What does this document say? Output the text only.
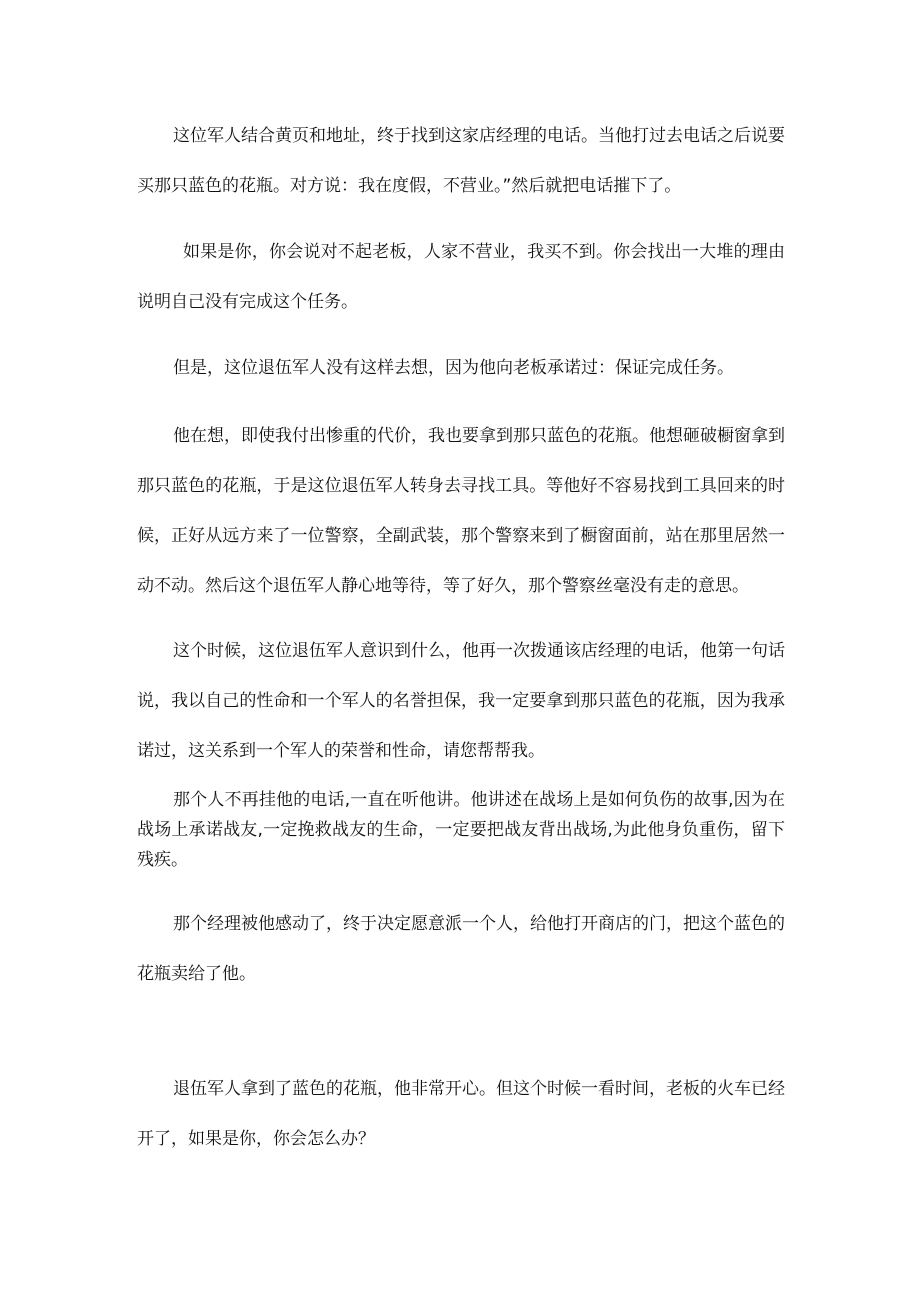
这位军人结合黄页和地址，终于找到这家店经理的电话。当他打过去电话之后说要买那只蓝色的花瓶。对方说：我在度假，不营业。”然后就把电话摧下了。

如果是你，你会说对不起老板，人家不营业，我买不到。你会找出一大堆的理由说明自己没有完成这个任务。

但是，这位退伍军人没有这样去想，因为他向老板承诺过：保证完成任务。

他在想，即使我付出惨重的代价，我也要拿到那只蓝色的花瓶。他想砸破橱窗拿到那只蓝色的花瓶，于是这位退伍军人转身去寻找工具。等他好不容易找到工具回来的时候，正好从远方来了一位警察，全副武装，那个警察来到了橱窗面前，站在那里居然一动不动。然后这个退伍军人静心地等待，等了好久，那个警察丝毫没有走的意思。

这个时候，这位退伍军人意识到什么，他再一次拨通该店经理的电话，他第一句话说，我以自己的性命和一个军人的名誉担保，我一定要拿到那只蓝色的花瓶，因为我承诺过，这关系到一个军人的荣誉和性命，请您帮帮我。

那个人不再挂他的电话,一直在听他讲。他讲述在战场上是如何负伤的故事,因为在战场上承诺战友,一定挽救战友的生命，一定要把战友背出战场,为此他身负重伤，留下残疾。

那个经理被他感动了，终于决定愿意派一个人，给他打开商店的门，把这个蓝色的花瓶卖给了他。

退伍军人拿到了蓝色的花瓶，他非常开心。但这个时候一看时间，老板的火车已经开了，如果是你，你会怎么办？
